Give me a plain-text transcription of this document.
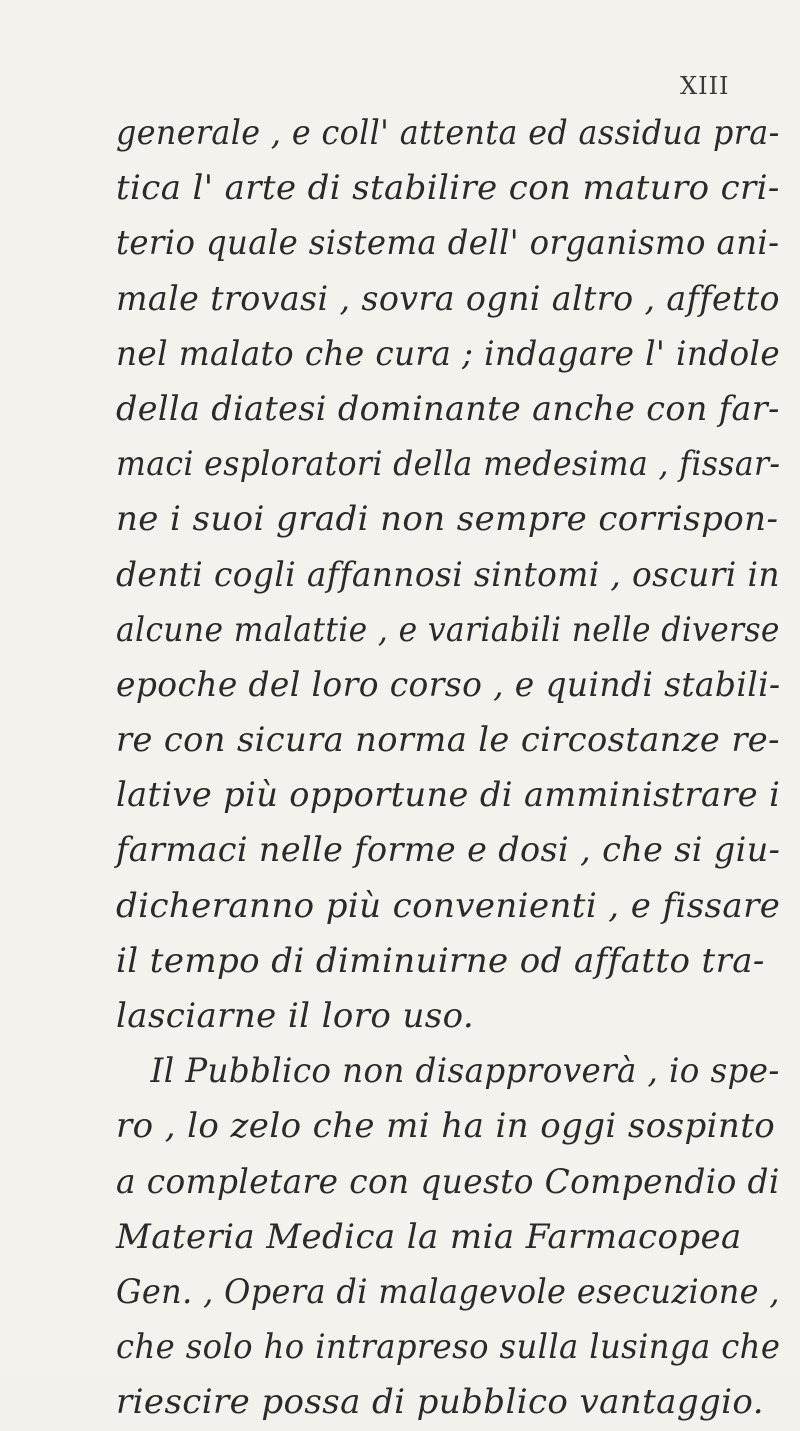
XIII
generale , e coll' attenta ed assidua pra-
tica l' arte di stabilire con maturo cri-
terio quale sistema dell' organismo ani-
male trovasi , sovra ogni altro , affetto
nel malato che cura ; indagare l' indole
della diatesi dominante anche con far-
maci esploratori della medesima , fissar-
ne i suoi gradi non sempre corrispon-
denti cogli affannosi sintomi , oscuri in
alcune malattie , e variabili nelle diverse
epoche del loro corso , e quindi stabili-
re con sicura norma le circostanze re-
lative più opportune di amministrare i
farmaci nelle forme e dosi , che si giu-
dicheranno più convenienti , e fissare
il tempo di diminuirne od affatto tra-
lasciarne il loro uso.
Il Pubblico non disapproverà , io spe-
ro , lo zelo che mi ha in oggi sospinto
a completare con questo Compendio di
Materia Medica la mia Farmacopea
Gen. , Opera di malagevole esecuzione ,
che solo ho intrapreso sulla lusinga che
riescire possa di pubblico vantaggio.
